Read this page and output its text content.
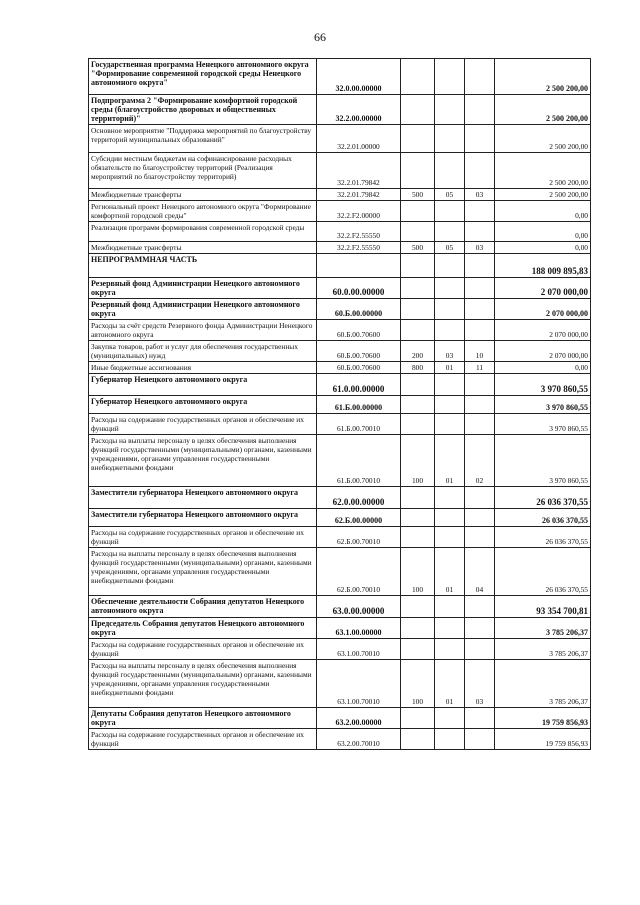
66
Государственная программа Ненецкого автономного округа "Формирование современной городской среды Ненецкого автономного округа"	32.0.00.00000				2 500 200,00
Подпрограмма 2 "Формирование комфортной городской среды (благоустройство дворовых и общественных территорий)"	32.2.00.00000				2 500 200,00
Основное мероприятие "Поддержка мероприятий по благоустройству территорий муниципальных образований"	32.2.01.00000				2 500 200,00
Субсидии местным бюджетам на софинансирование расходных обязательств по благоустройству территорий (Реализация мероприятий по благоустройству территорий)	32.2.01.79842				2 500 200,00
Межбюджетные трансферты	32.2.01.79842	500	05	03	2 500 200,00
Региональный проект Ненецкого автономного округа "Формирование комфортной городской среды"	32.2.F2.00000				0,00
Реализация программ формирования современной городской среды	32.2.F2.55550				0,00
Межбюджетные трансферты	32.2.F2.55550	500	05	03	0,00
НЕПРОГРАММНАЯ ЧАСТЬ					188 009 895,83
Резервный фонд Администрации Ненецкого автономного округа	60.0.00.00000				2 070 000,00
Резервный фонд Администрации Ненецкого автономного округа	60.Б.00.00000				2 070 000,00
Расходы за счёт средств Резервного фонда Администрации Ненецкого автономного округа	60.Б.00.70600				2 070 000,00
Закупка товаров, работ и услуг для обеспечения государственных (муниципальных) нужд	60.Б.00.70600	200	03	10	2 070 000,00
Иные бюджетные ассигнования	60.Б.00.70600	800	01	11	0,00
Губернатор Ненецкого автономного округа	61.0.00.00000				3 970 860,55
Губернатор Ненецкого автономного округа	61.Б.00.00000				3 970 860,55
Расходы на содержание государственных органов и обеспечение их функций	61.Б.00.70010				3 970 860,55
Расходы на выплаты персоналу в целях обеспечения выполнения функций государственными (муниципальными) органами, казенными учреждениями, органами управления государственными внебюджетными фондами	61.Б.00.70010	100	01	02	3 970 860,55
Заместители губернатора Ненецкого автономного округа	62.0.00.00000				26 036 370,55
Заместители губернатора Ненецкого автономного округа	62.Б.00.00000				26 036 370,55
Расходы на содержание государственных органов и обеспечение их функций	62.Б.00.70010				26 036 370,55
Расходы на выплаты персоналу в целях обеспечения выполнения функций государственными (муниципальными) органами, казенными учреждениями, органами управления государственными внебюджетными фондами	62.Б.00.70010	100	01	04	26 036 370,55
Обеспечение деятельности Собрания депутатов Ненецкого автономного округа	63.0.00.00000				93 354 700,81
Председатель Собрания депутатов Ненецкого автономного округа	63.1.00.00000				3 785 206,37
Расходы на содержание государственных органов и обеспечение их функций	63.1.00.70010				3 785 206,37
Расходы на выплаты персоналу в целях обеспечения выполнения функций государственными (муниципальными) органами, казенными учреждениями, органами управления государственными внебюджетными фондами	63.1.00.70010	100	01	03	3 785 206,37
Депутаты Собрания депутатов Ненецкого автономного округа	63.2.00.00000				19 759 856,93
Расходы на содержание государственных органов и обеспечение их функций	63.2.00.70010				19 759 856,93
